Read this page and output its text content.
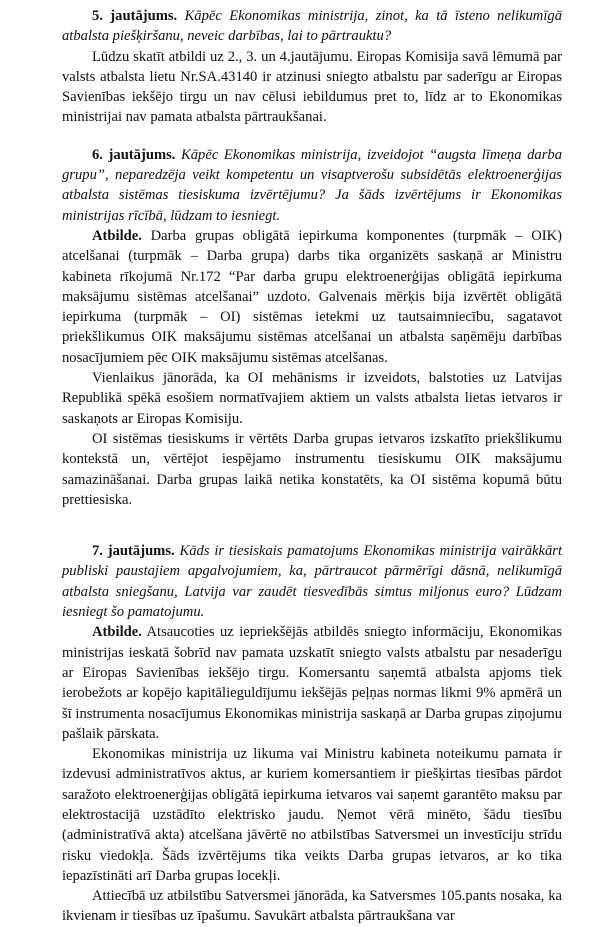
5. jautājums. Kāpēc Ekonomikas ministrija, zinot, ka tā īsteno nelikumīgā atbalsta piešķiršanu, neveic darbības, lai to pārtrauktu?

Lūdzu skatīt atbildi uz 2., 3. un 4.jautājumu. Eiropas Komisija savā lēmumā par valsts atbalsta lietu Nr.SA.43140 ir atzinusi sniegto atbalstu par saderīgu ar Eiropas Savienības iekšējo tirgu un nav cēlusi iebildumus pret to, līdz ar to Ekonomikas ministrijai nav pamata atbalsta pārtraukšanai.

6. jautājums. Kāpēc Ekonomikas ministrija, izveidojot “augsta līmeņa darba grupu”, neparedzēja veikt kompetentu un visaptverošu subsidētās elektroenerģijas atbalsta sistēmas tiesiskuma izvērtējumu? Ja šāds izvērtējums ir Ekonomikas ministrijas rīcībā, lūdzam to iesniegt.

Atbilde. Darba grupas obligātā iepirkuma komponentes (turpmāk – OIK) atcelšanai (turpmāk – Darba grupa) darbs tika organizēts saskaņā ar Ministru kabineta rīkojumā Nr.172 “Par darba grupu elektroenerģijas obligātā iepirkuma maksājumu sistēmas atcelšanai” uzdoto. Galvenais mērķis bija izvērtēt obligātā iepirkuma (turpmāk – OI) sistēmas ietekmi uz tautsaimniecību, sagatavot priekšlikumus OIK maksājumu sistēmas atcelšanai un atbalsta saņēmēju darbības nosacījumiem pēc OIK maksājumu sistēmas atcelšanas.

Vienlaikus jānorāda, ka OI mehānisms ir izveidots, balstoties uz Latvijas Republikā spēkā esošiem normatīvajiem aktiem un valsts atbalsta lietas ietvaros ir saskaņots ar Eiropas Komisiju.

OI sistēmas tiesiskums ir vērtēts Darba grupas ietvaros izskatīto priekšlikumu kontekstā un, vērtējot iespējamo instrumentu tiesiskumu OIK maksājumu samazināšanai. Darba grupas laikā netika konstatēts, ka OI sistēma kopumā būtu prettiesiska.

7. jautājums. Kāds ir tiesiskais pamatojums Ekonomikas ministrija vairākkārt publiski paustajiem apgalvojumiem, ka, pārtraucot pārmērīgi dāsnā, nelikumīgā atbalsta sniegšanu, Latvija var zaudēt tiesvedībās simtus miljonus euro? Lūdzam iesniegt šo pamatojumu.

Atbilde. Atsaucoties uz iepriekšējās atbildēs sniegto informāciju, Ekonomikas ministrijas ieskatā šobrīd nav pamata uzskatīt sniegto valsts atbalstu par nesaderīgu ar Eiropas Savienības iekšējo tirgu. Komersantu saņemtā atbalsta apjoms tiek ierobežots ar kopējo kapitālieguldījumu iekšējās peļņas normas likmi 9% apmērā un šī instrumenta nosacījumus Ekonomikas ministrija saskaņā ar Darba grupas ziņojumu pašlaik pārskata.

Ekonomikas ministrija uz likuma vai Ministru kabineta noteikumu pamata ir izdevusi administratīvos aktus, ar kuriem komersantiem ir piešķirtas tiesības pārdot saražoto elektroenerģijas obligātā iepirkuma ietvaros vai saņemt garantēto maksu par elektrostacijā uzstādīto elektrisko jaudu. Ņemot vērā minēto, šādu tiesību (administratīvā akta) atcelšana jāvērtē no atbilstības Satversmei un investīciju strīdu risku viedokļa. Šāds izvērtējums tika veikts Darba grupas ietvaros, ar ko tika iepazīstināti arī Darba grupas locekļi.

Attiecībā uz atbilstību Satversmei jānorāda, ka Satversmes 105.pants nosaka, ka ikvienam ir tiesības uz īpašumu. Savukārt atbalsta pārtraukšana var
